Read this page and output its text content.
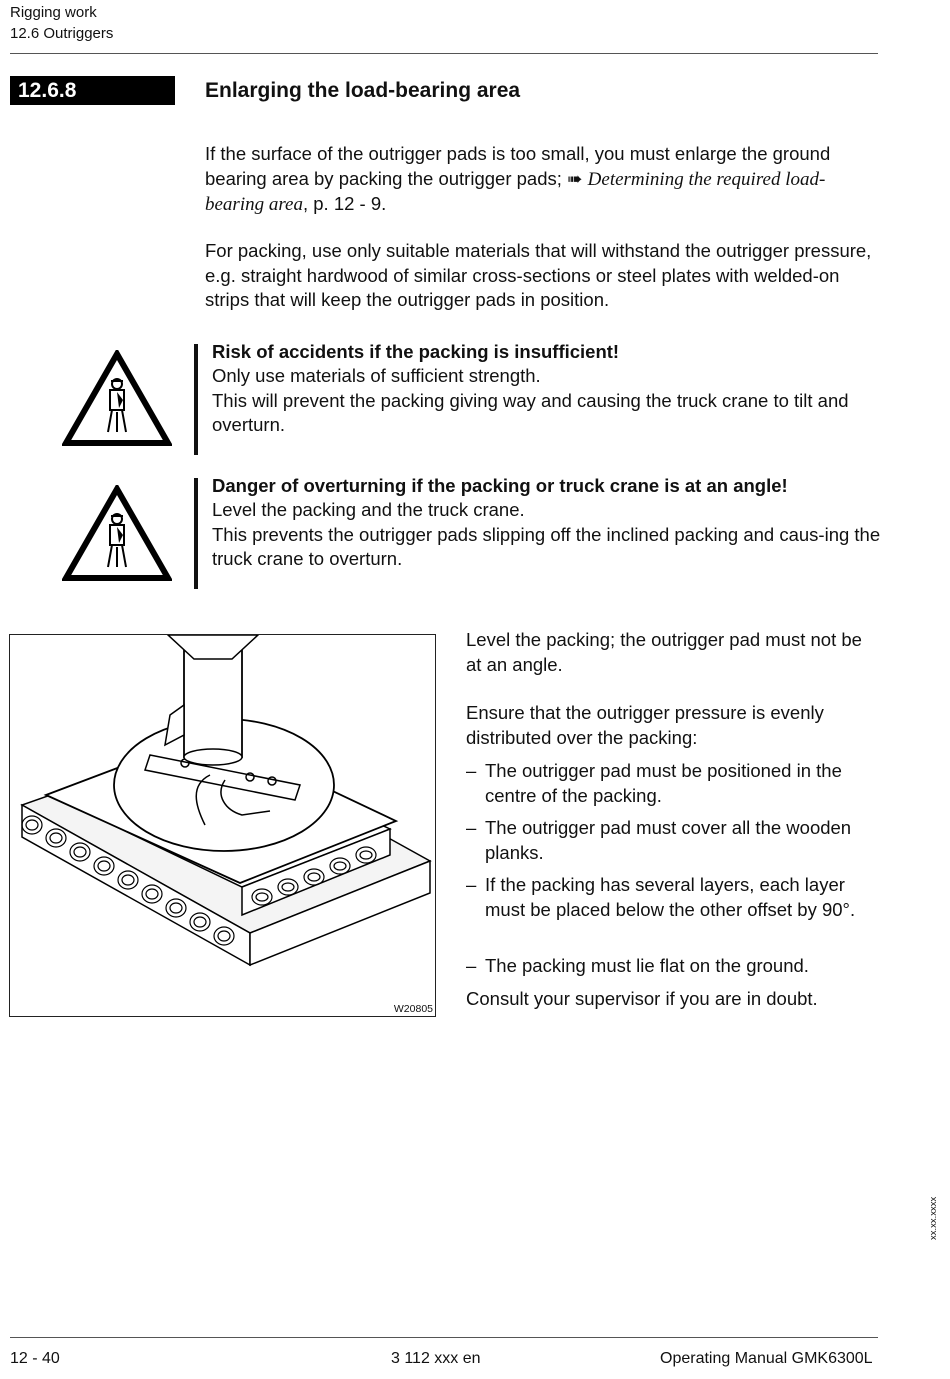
Rigging work
12.6 Outriggers
12.6.8	Enlarging the load-bearing area

If the surface of the outrigger pads is too small, you must enlarge the ground bearing area by packing the outrigger pads; ➠ Determining the required load-bearing area, p. 12 - 9.

For packing, use only suitable materials that will withstand the outrigger pressure, e.g. straight hardwood of similar cross-sections or steel plates with welded-on strips that will keep the outrigger pads in position.

Risk of accidents if the packing is insufficient!
Only use materials of sufficient strength.
This will prevent the packing giving way and causing the truck crane to tilt and overturn.
Danger of overturning if the packing or truck crane is at an angle!
Level the packing and the truck crane.
This prevents the outrigger pads slipping off the inclined packing and caus-ing the truck crane to overturn.
W20805

Level the packing; the outrigger pad must not be at an angle.

Ensure that the outrigger pressure is evenly distributed over the packing:

– The outrigger pad must be positioned in the centre of the packing.
– The outrigger pad must cover all the wooden planks.
– If the packing has several layers, each layer must be placed below the other offset by 90°.
– The packing must lie flat on the ground.

Consult your supervisor if you are in doubt.

xx.xx.xxxx
12 - 40	3 112 xxx en	Operating Manual GMK6300L
